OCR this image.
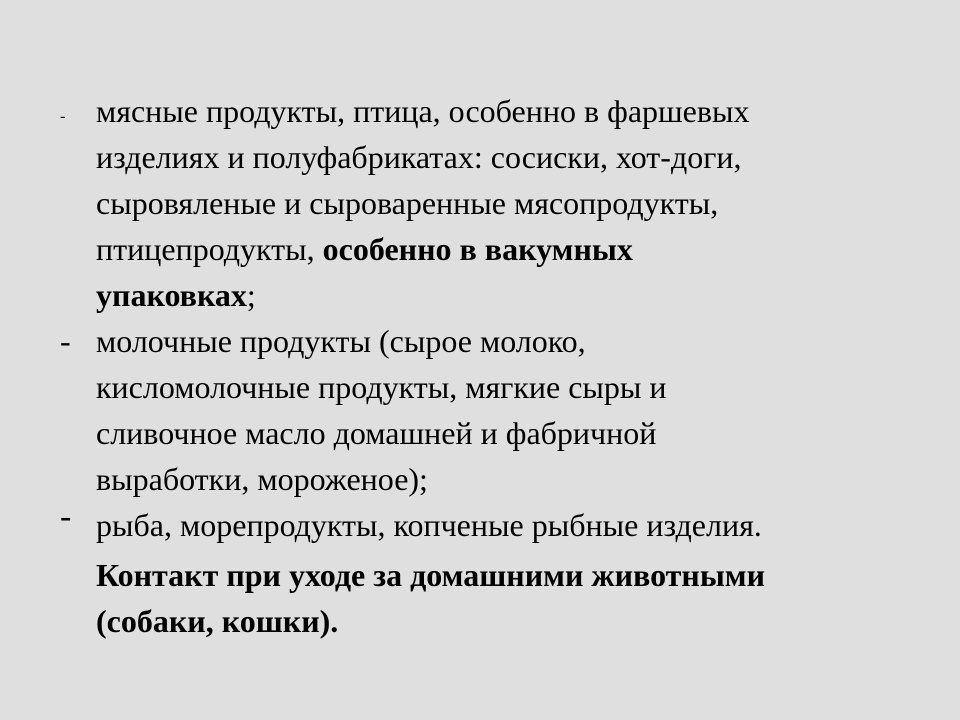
- мясные продукты, птица, особенно в фаршевых
изделиях и полуфабрикатах: сосиски, хот-доги,
сыровяленые и сыроваренные мясопродукты,
птицепродукты, особенно в вакумных
упаковках;
- молочные продукты (сырое молоко,
кисломолочные продукты, мягкие сыры и
сливочное масло домашней и фабричной
выработки, мороженое);
- рыба, морепродукты, копченые рыбные изделия.
Контакт при уходе за домашними животными
(собаки, кошки).
